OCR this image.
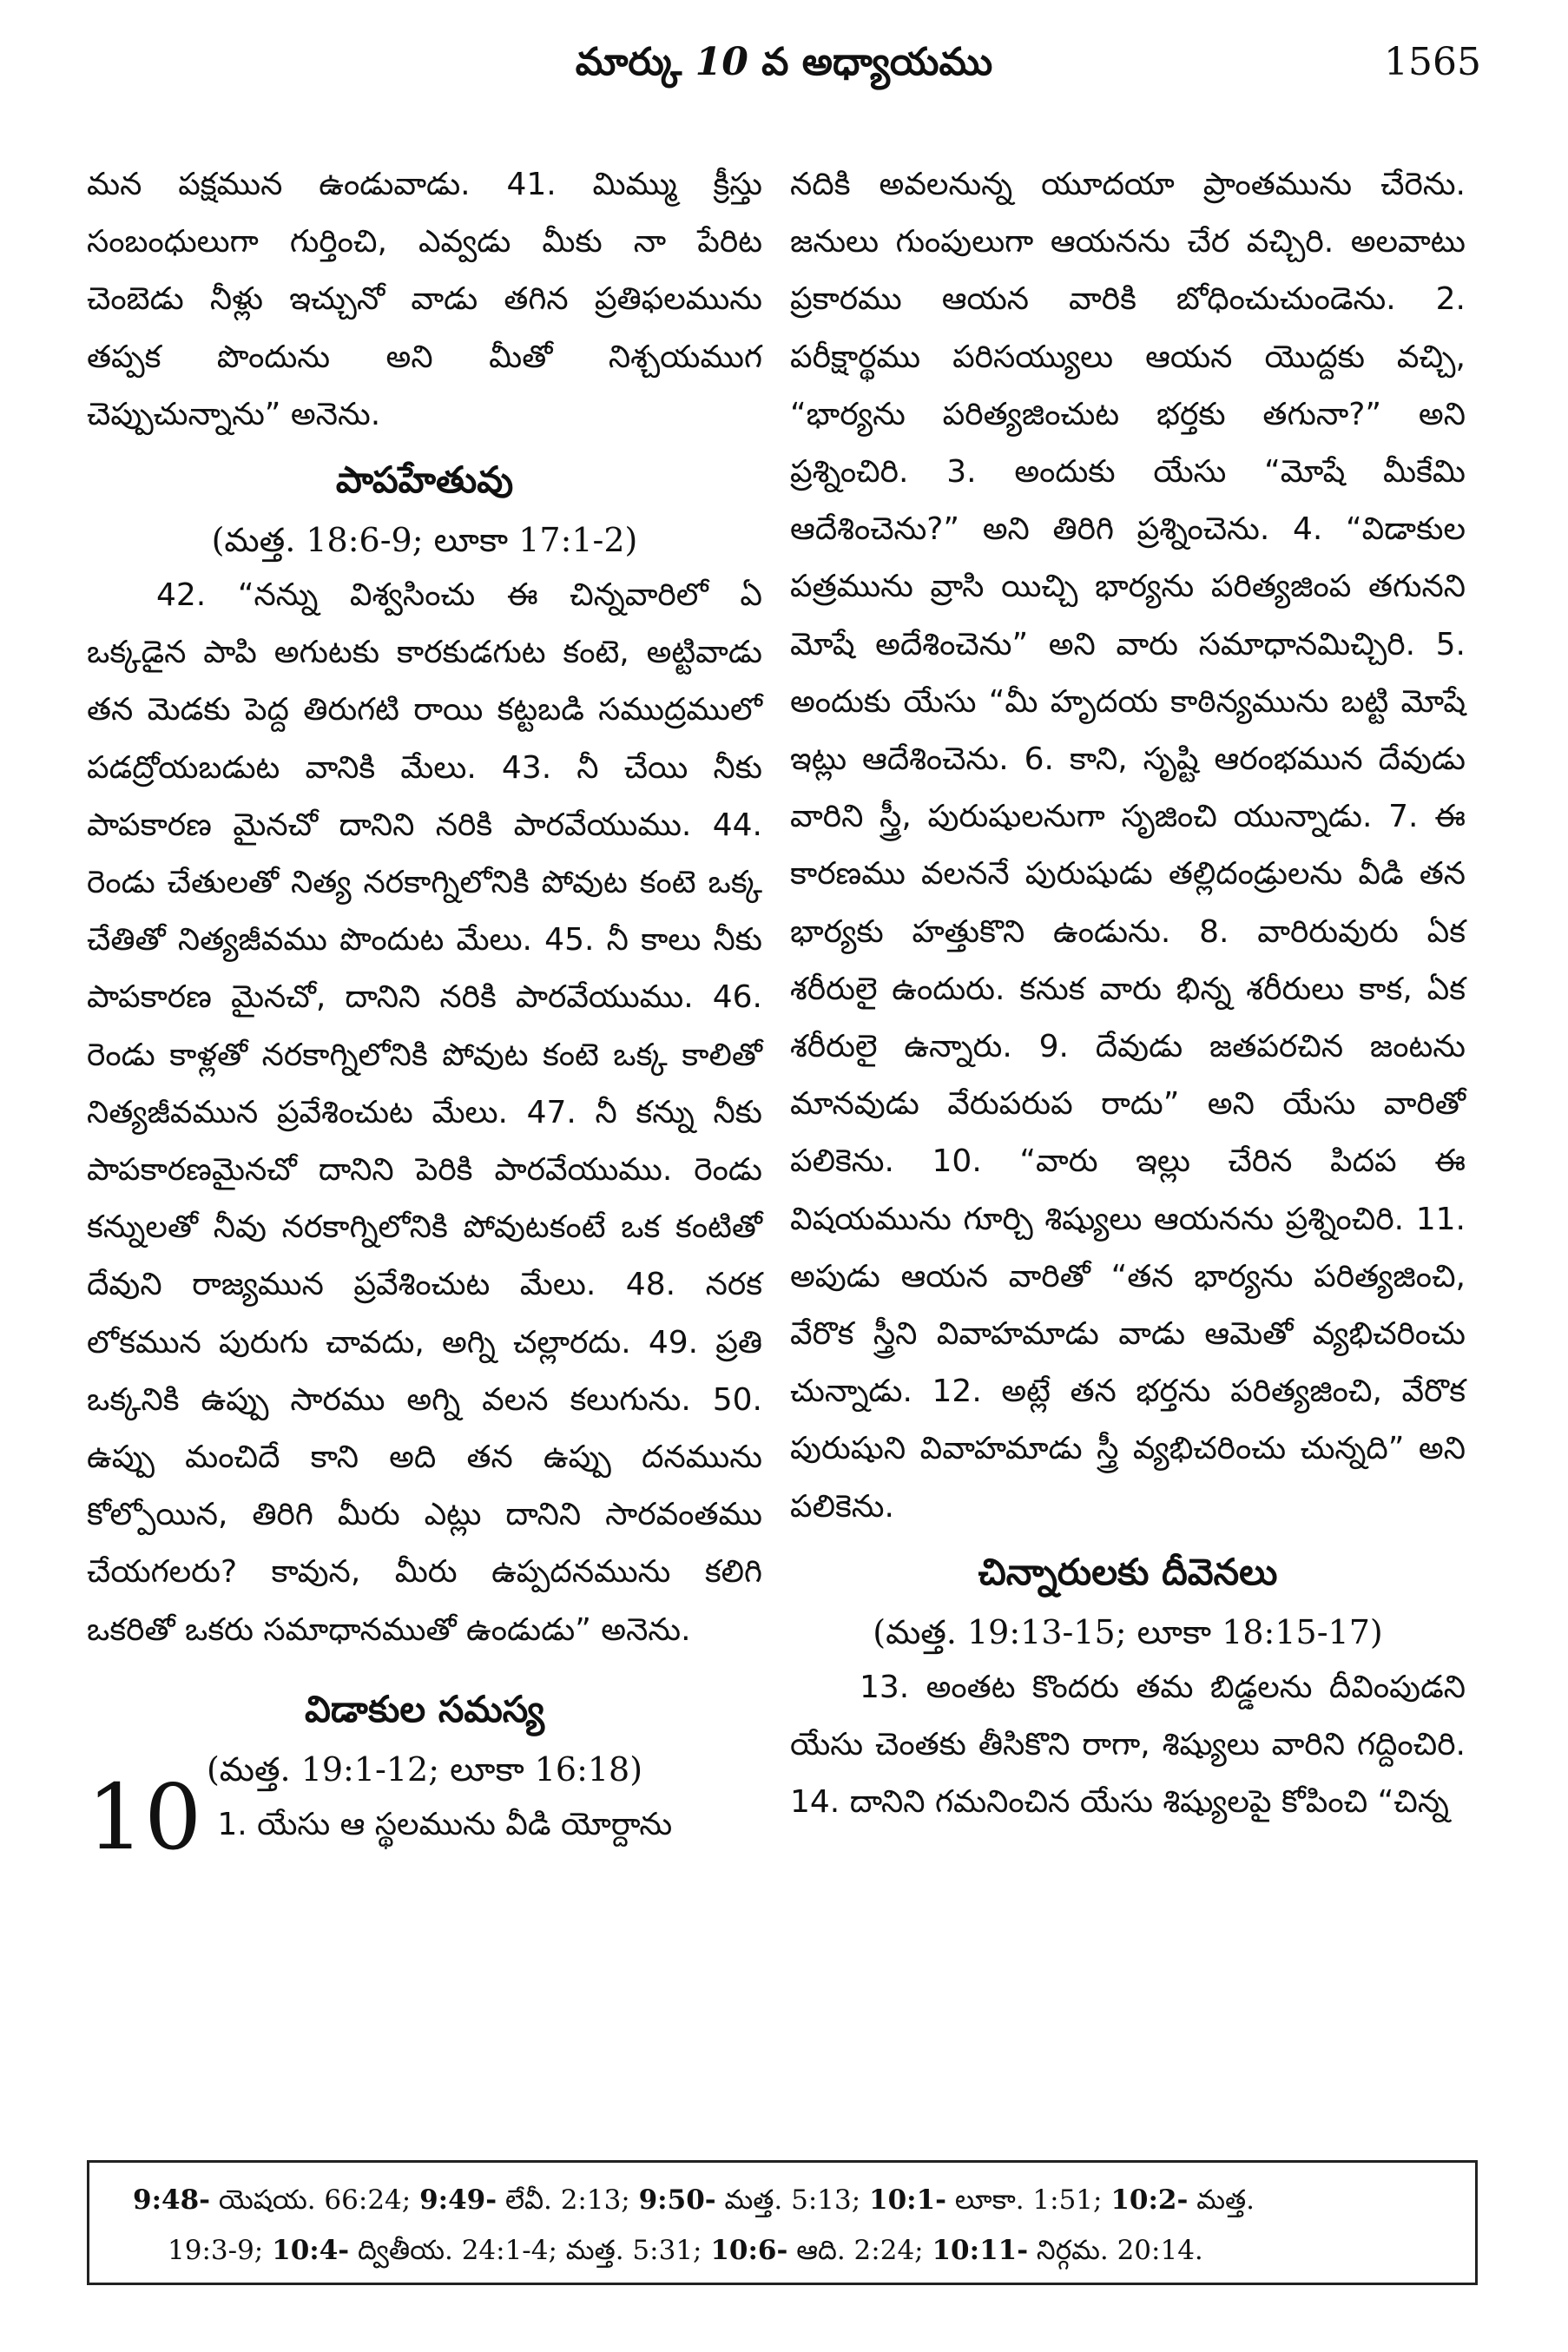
మార్కు 10 వ అధ్యాయము	1565

మన పక్షమున ఉండువాడు. 41. మిమ్ము క్రీస్తు సంబంధులుగా గుర్తించి, ఎవ్వడు మీకు నా పేరిట చెంబెడు నీళ్లు ఇచ్చునో వాడు తగిన ప్రతిఫలమును తప్పక పొందును అని మీతో నిశ్చయముగ చెప్పుచున్నాను” అనెను.

పాపహేతువు
(మత్త. 18:6-9; లూకా 17:1-2)

42. “నన్ను విశ్వసించు ఈ చిన్నవారిలో ఏ ఒక్కడైన పాపి అగుటకు కారకుడగుట కంటె, అట్టివాడు తన మెడకు పెద్ద తిరుగటి రాయి కట్టబడి సముద్రములో పడద్రోయబడుట వానికి మేలు. 43. నీ చేయి నీకు పాపకారణ మైనచో దానిని నరికి పారవేయుము. 44. రెండు చేతులతో నిత్య నరకాగ్నిలోనికి పోవుట కంటె ఒక్క చేతితో నిత్యజీవము పొందుట మేలు. 45. నీ కాలు నీకు పాపకారణ మైనచో, దానిని నరికి పారవేయుము. 46. రెండు కాళ్లతో నరకాగ్నిలోనికి పోవుట కంటె ఒక్క కాలితో నిత్యజీవమున ప్రవేశించుట మేలు. 47. నీ కన్ను నీకు పాపకారణమైనచో దానిని పెరికి పారవేయుము. రెండు కన్నులతో నీవు నరకాగ్నిలోనికి పోవుటకంటే ఒక కంటితో దేవుని రాజ్యమున ప్రవేశించుట మేలు. 48. నరక లోకమున పురుగు చావదు, అగ్ని చల్లారదు. 49. ప్రతి ఒక్కనికి ఉప్పు సారము అగ్ని వలన కలుగును. 50. ఉప్పు మంచిదే కాని అది తన ఉప్పు దనమును కోల్పోయిన, తిరిగి మీరు ఎట్లు దానిని సారవంతము చేయగలరు? కావున, మీరు ఉప్పదనమును కలిగి ఒకరితో ఒకరు సమాధానముతో ఉండుడు” అనెను.

విడాకుల సమస్య
(మత్త. 19:1-12; లూకా 16:18)

10 1. యేసు ఆ స్థలమును వీడి యోర్దాను

నదికి అవలనున్న యూదయా ప్రాంతమును చేరెను. జనులు గుంపులుగా ఆయనను చేర వచ్చిరి. అలవాటు ప్రకారము ఆయన వారికి బోధించుచుండెను. 2. పరీక్షార్థము పరిసయ్యులు ఆయన యొద్దకు వచ్చి, “భార్యను పరిత్యజించుట భర్తకు తగునా?” అని ప్రశ్నించిరి. 3. అందుకు యేసు “మోషే మీకేమి ఆదేశించెను?” అని తిరిగి ప్రశ్నించెను. 4. “విడాకుల పత్రమును వ్రాసి యిచ్చి భార్యను పరిత్యజింప తగునని మోషే అదేశించెను” అని వారు సమాధానమిచ్చిరి. 5. అందుకు యేసు “మీ హృదయ కాఠిన్యమును బట్టి మోషే ఇట్లు ఆదేశించెను. 6. కాని, సృష్టి ఆరంభమున దేవుడు వారిని స్త్రీ, పురుషులనుగా సృజించి యున్నాడు. 7. ఈ కారణము వలననే పురుషుడు తల్లిదండ్రులను వీడి తన భార్యకు హత్తుకొని ఉండును. 8. వారిరువురు ఏక శరీరులై ఉందురు. కనుక వారు భిన్న శరీరులు కాక, ఏక శరీరులై ఉన్నారు. 9. దేవుడు జతపరచిన జంటను మానవుడు వేరుపరుప రాదు” అని యేసు వారితో పలికెను. 10. “వారు ఇల్లు చేరిన పిదప ఈ విషయమును గూర్చి శిష్యులు ఆయనను ప్రశ్నించిరి. 11. అపుడు ఆయన వారితో “తన భార్యను పరిత్యజించి, వేరొక స్త్రీని వివాహమాడు వాడు ఆమెతో వ్యభిచరించు చున్నాడు. 12. అట్లే తన భర్తను పరిత్యజించి, వేరొక పురుషుని వివాహమాడు స్త్రీ వ్యభిచరించు చున్నది” అని పలికెను.

చిన్నారులకు దీవెనలు
(మత్త. 19:13-15; లూకా 18:15-17)

13. అంతట కొందరు తమ బిడ్డలను దీవింపుడని యేసు చెంతకు తీసికొని రాగా, శిష్యులు వారిని గద్దించిరి. 14. దానిని గమనించిన యేసు శిష్యులపై కోపించి “చిన్న

9:48- యెషయ. 66:24; 9:49- లేవీ. 2:13; 9:50- మత్త. 5:13; 10:1- లూకా. 1:51; 10:2- మత్త.

19:3-9; 10:4- ద్వితీయ. 24:1-4; మత్త. 5:31; 10:6- ఆది. 2:24; 10:11- నిర్గమ. 20:14.
